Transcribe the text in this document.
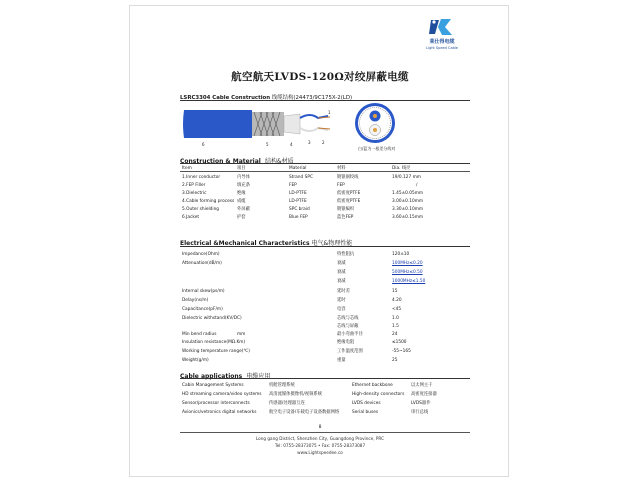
莱仕得电缆
Light Speed Cable
航空航天LVDS-120Ω对绞屏蔽电缆
LSRC3304 Cable Construction 线缆结构(24473/9C175X-2(LD)
6	5	4	3	2
1
白/蓝为一根差分线对
Construction & Material 结构&材质
Item	项目	Material	材料	Dia. 线径
1.Inner conductor	内导体	Strand SPC	镀银铜绞线	19/0.127 mm
2.FEP Filler	填充条	FEP	FEP	/
3.Dielectric	绝缘	LD-PTFE	低密度PTFE	1.45±0.05mm
4.Cable forming process 成缆	LD-PTFE	低密度PTFE	3.00±0.10mm
5.Outer shielding	外屏蔽	SPC braid	镀银编织	3.30±0.10mm
6.Jacket	护套	Blue FEP	蓝色FEP	3.60±0.15mm
Electrical &Mechanical Characteristics 电气&物理性能
Impedance(Ohm)	特性阻抗	120±10
Attenuation(dB/m)	衰减	100MHz≤0.20
衰减	500MHz≤0.50
衰减	1000MHz≤1.50
Internal skew(ps/m)	延时差	15
Delay(ns/m)	延时	4.20
Capacitance(pF/m)	电容	<45
Dielectric withstand(KV/DC)	芯线与芯线	1.0
芯线与屏蔽	1.5
Min bend radius	mm	最小弯曲半径	24
Insulation resistance(MΩ.Km)	绝缘电阻	≤1500
Working temperature range(℃)	工作温度范围	-55~165
Weight(g/m)	重量	25
Cable applications 电缆应用
Cabin Management Systems	机舱管理系统	Ethernet backbone	以太网主干
HD streaming camera/video systems 高清流媒体摄像机/视频系统	High-density connectors 高密度连接器
Sensor/processor interconnects	传感器/处理器互连	LVDS devices	LVDS器件
Avionics/vetronics digital networks	航空电子设备/车载电子设备数据网络	Serial buses	串行总线
8
Long gang District, Shenzhen City, Guangdong Province, PRC
Tel: 0755-28373075 • Fax: 0755-28373087
www.Lightspeedee.co
